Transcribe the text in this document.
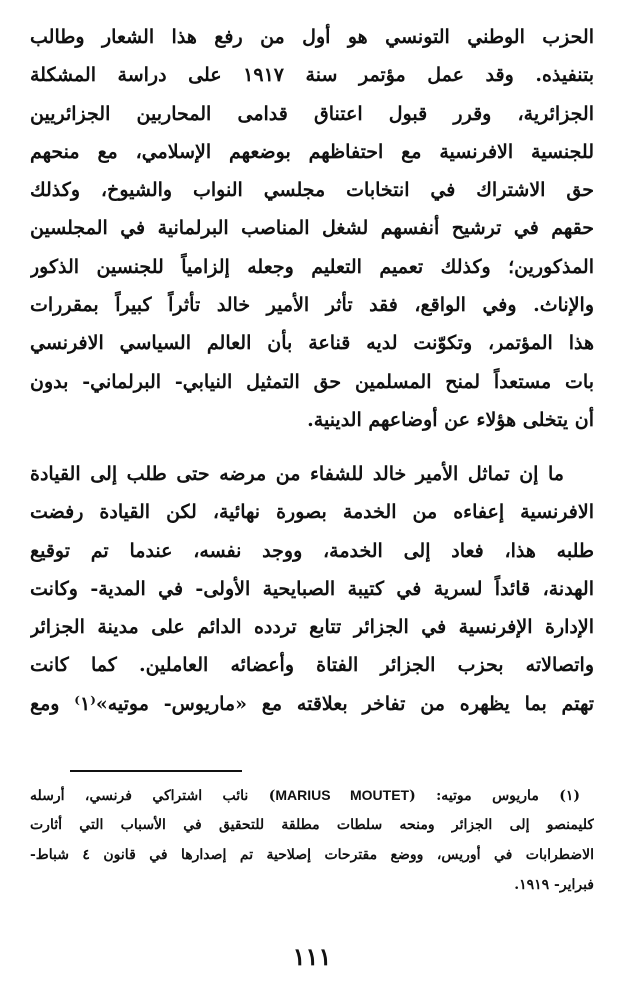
الحزب الوطني التونسي هو أول من رفع هذا الشعار وطالب
بتنفيذه. وقد عمل مؤتمر سنة ١٩١٧ على دراسة المشكلة
الجزائرية، وقرر قبول اعتناق قدامى المحاربين الجزائريين
للجنسية الافرنسية مع احتفاظهم بوضعهم الإسلامي، مع منحهم
حق الاشتراك في انتخابات مجلسي النواب والشيوخ، وكذلك
حقهم في ترشيح أنفسهم لشغل المناصب البرلمانية في المجلسين
المذكورين؛ وكذلك تعميم التعليم وجعله إلزامياً للجنسين الذكور
والإناث. وفي الواقع، فقد تأثر الأمير خالد تأثراً كبيراً بمقررات
هذا المؤتمر، وتكوّنت لديه قناعة بأن العالم السياسي الافرنسي
بات مستعداً لمنح المسلمين حق التمثيل النيابي- البرلماني- بدون
أن يتخلى هؤلاء عن أوضاعهم الدينية.
ما إن تماثل الأمير خالد للشفاء من مرضه حتى طلب إلى القيادة
الافرنسية إعفاءه من الخدمة بصورة نهائية، لكن القيادة رفضت
طلبه هذا، فعاد إلى الخدمة، ووجد نفسه، عندما تم توقيع
الهدنة، قائداً لسرية في كتيبة الصبايحية الأولى- في المدية- وكانت
الإدارة الإفرنسية في الجزائر تتابع تردده الدائم على مدينة الجزائر
واتصالاته بحزب الجزائر الفتاة وأعضائه العاملين. كما كانت
تهتم بما يظهره من تفاخر بعلاقته مع «ماريوس- موتيه»⁽١⁾ ومع
(١) ماريوس موتيه: (MARIUS MOUTET) نائب اشتراكي فرنسي، أرسله
كليمنصو إلى الجزائر ومنحه سلطات مطلقة للتحقيق في الأسباب التي أثارت
الاضطرابات في أوريس، ووضع مقترحات إصلاحية تم إصدارها في قانون ٤ شباط-
فبراير- ١٩١٩.
١١١
